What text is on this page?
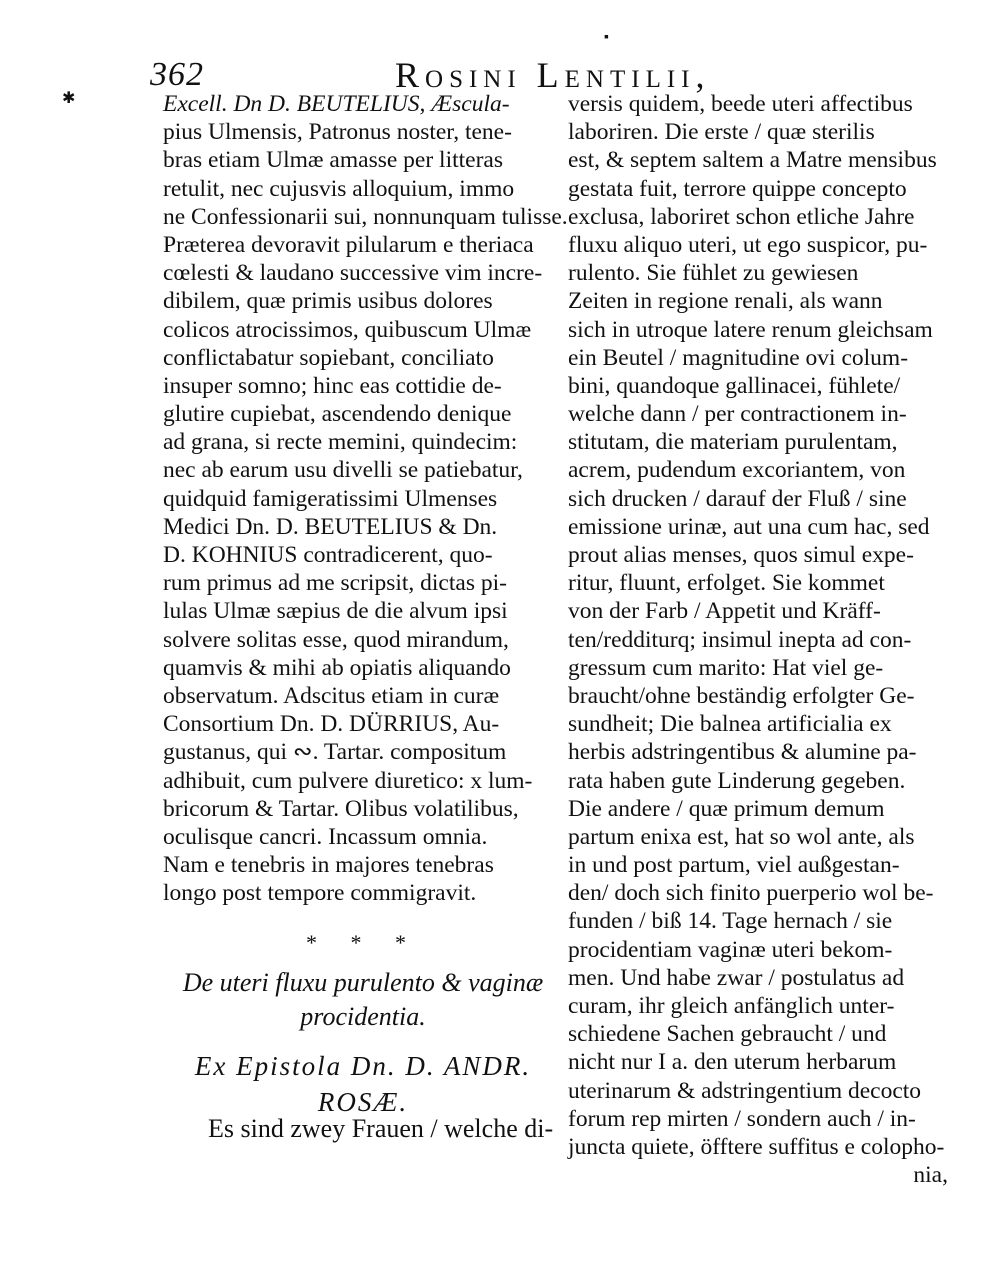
▪
362	Rosini Lentilii,
✱	Excell. Dn D. BEUTELIUS, Æscula-
pius Ulmensis, Patronus noster, tene-
bras etiam Ulmæ amasse per litteras
retulit, nec cujusvis alloquium, immo
ne Confessionarii sui, nonnunquam tulisse.
Præterea devoravit pilularum e theriaca
cœlesti & laudano successive vim incre-
dibilem, quæ primis usibus dolores
colicos atrocissimos, quibuscum Ulmæ
conflictabatur sopiebant, conciliato
insuper somno; hinc eas cottidie de-
glutire cupiebat, ascendendo denique
ad grana, si recte memini, quindecim:
nec ab earum usu divelli se patiebatur,
quidquid famigeratissimi Ulmenses
Medici Dn. D. BEUTELIUS & Dn.
D. KOHNIUS contradicerent, quo-
rum primus ad me scripsit, dictas pi-
lulas Ulmæ sæpius de die alvum ipsi
solvere solitas esse, quod mirandum,
quamvis & mihi ab opiatis aliquando
observatum. Adscitus etiam in curæ
Consortium Dn. D. DÜRRIUS, Au-
gustanus, qui ∾. Tartar. compositum
adhibuit, cum pulvere diuretico: x lum-
bricorum & Tartar. Olibus volatilibus,
oculisque cancri. Incassum omnia.
Nam e tenebris in majores tenebras
longo post tempore commigravit.
* * *
De uteri fluxu purulento & vaginæ
procidentia.
Ex Epistola Dn. D. ANDR.
ROSÆ.
Es sind zwey Frauen / welche di-
versis quidem, beede uteri affectibus
laboriren. Die erste / quæ sterilis
est, & septem saltem a Matre mensibus
gestata fuit, terrore quippe concepto
exclusa, laboriret schon etliche Jahre
fluxu aliquo uteri, ut ego suspicor, pu-
rulento. Sie fühlet zu gewiesen
Zeiten in regione renali, als wann
sich in utroque latere renum gleichsam
ein Beutel / magnitudine ovi colum-
bini, quandoque gallinacei, fühlete/
welche dann / per contractionem in-
stitutam, die materiam purulentam,
acrem, pudendum excoriantem, von
sich drucken / darauf der Fluß / sine
emissione urinæ, aut una cum hac, sed
prout alias menses, quos simul expe-
ritur, fluunt, erfolget. Sie kommet
von der Farb / Appetit und Kräff-
ten/redditurq; insimul inepta ad con-
gressum cum marito: Hat viel ge-
braucht/ohne beständig erfolgter Ge-
sundheit; Die balnea artificialia ex
herbis adstringentibus & alumine pa-
rata haben gute Linderung gegeben.
Die andere / quæ primum demum
partum enixa est, hat so wol ante, als
in und post partum, viel außgestan-
den/ doch sich finito puerperio wol be-
funden / biß 14. Tage hernach / sie
procidentiam vaginæ uteri bekom-
men. Und habe zwar / postulatus ad
curam, ihr gleich anfänglich unter-
schiedene Sachen gebraucht / und
nicht nur I a. den uterum herbarum
uterinarum & adstringentium decocto
forum rep mirten / sondern auch / in-
juncta quiete, öfftere suffitus e colopho-
nia,
